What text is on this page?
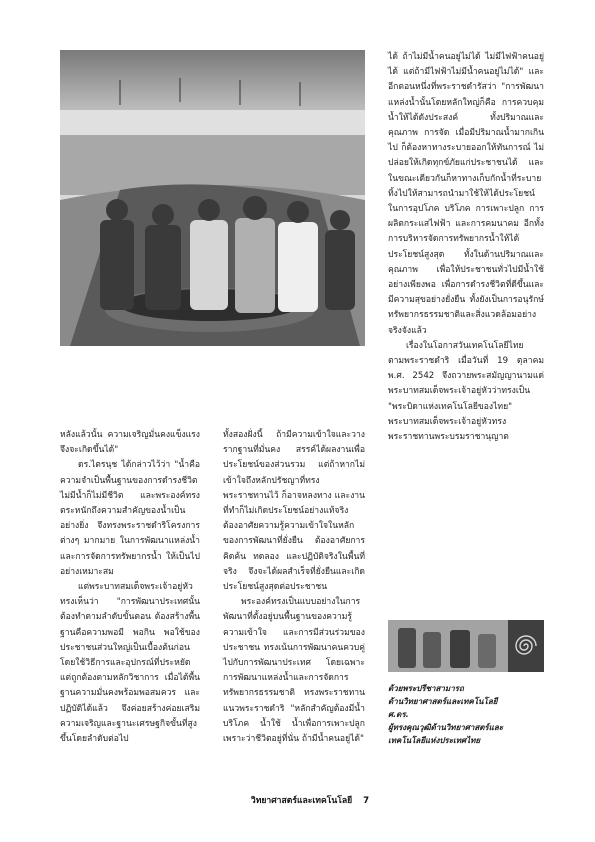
ได้ ถ้าไม่มีน้ำคนอยู่ไม่ได้ ไม่มีไฟฟ้าคนอยู่ได้ แต่ถ้ามีไฟฟ้าไม่มีน้ำคนอยู่ไม่ได้" และอีกตอนหนึ่งที่พระราชดำรัสว่า "การพัฒนาแหล่งน้ำนั้นโดยหลักใหญ่ก็คือ การควบคุมน้ำให้ได้ดังประสงค์ ทั้งปริมาณและคุณภาพ การจัด เมื่อมีปริมาณน้ำมากเกินไป ก็ต้องหาทางระบายออกให้ทันการณ์ ไม่ปล่อยให้เกิดทุกข์ภัยแก่ประชาชนได้ และในขณะเดียวกันก็หาทางเก็บกักน้ำที่ระบายทิ้งไปให้สามารถนำมาใช้ให้ได้ประโยชน์ในการอุปโภค บริโภค การเพาะปลูก การผลิตกระแสไฟฟ้า และการคมนาคม อีกทั้งการบริหารจัดการทรัพยากรน้ำให้ได้ประโยชน์สูงสุด ทั้งในด้านปริมาณและคุณภาพ เพื่อให้ประชาชนทั่วไปมีน้ำใช้อย่างเพียงพอ เพื่อการดำรงชีวิตที่ดีขึ้นและมีความสุขอย่างยั่งยืน ทั้งยังเป็นการอนุรักษ์ทรัพยากรธรรมชาติและสิ่งแวดล้อมอย่างจริงจังแล้ว

เรื่องในโอกาสวันเทคโนโลยีไทยตามพระราชดำริ เมื่อวันที่ 19 ตุลาคม พ.ศ. 2542 จึงถวายพระสมัญญานามแด่พระบาทสมเด็จพระเจ้าอยู่หัวว่าทรงเป็น "พระบิดาแห่งเทคโนโลยีของไทย" พระบาทสมเด็จพระเจ้าอยู่หัวทรงพระราชทานพระบรมราชานุญาต

หลังแล้วนั้น ความเจริญมั่นคงแข็งแรงจึงจะเกิดขึ้นได้"

ดร.ไตรนุช ได้กล่าวไว้ว่า "น้ำคือความจำเป็นพื้นฐานของการดำรงชีวิต ไม่มีน้ำก็ไม่มีชีวิต และพระองค์ทรงตระหนักถึงความสำคัญของน้ำเป็นอย่างยิ่ง จึงทรงพระราชดำริโครงการต่างๆ มากมาย ในการพัฒนาแหล่งน้ำ และการจัดการทรัพยากรน้ำ ให้เป็นไปอย่างเหมาะสม

แต่พระบาทสมเด็จพระเจ้าอยู่หัวทรงเห็นว่า "การพัฒนาประเทศนั้น ต้องทำตามลำดับขั้นตอน ต้องสร้างพื้นฐานคือความพอมี พอกิน พอใช้ของประชาชนส่วนใหญ่เป็นเบื้องต้นก่อน โดยใช้วิธีการและอุปกรณ์ที่ประหยัดแต่ถูกต้องตามหลักวิชาการ เมื่อได้พื้นฐานความมั่นคงพร้อมพอสมควร และปฏิบัติได้แล้ว จึงค่อยสร้างค่อยเสริมความเจริญและฐานะเศรษฐกิจขั้นที่สูงขึ้นโดยลำดับต่อไป

ทั้งสองฝั่งนี้ ถ้ามีความเข้าใจและวางรากฐานที่มั่นคง สรรค์ได้ผลงานเพื่อประโยชน์ของส่วนรวม แต่ถ้าหากไม่เข้าใจถึงหลักปรัชญาที่ทรงพระราชทานไว้ ก็อาจหลงทาง และงานที่ทำก็ไม่เกิดประโยชน์อย่างแท้จริง ต้องอาศัยความรู้ความเข้าใจในหลักของการพัฒนาที่ยั่งยืน ต้องอาศัยการคิดค้น ทดลอง และปฏิบัติจริงในพื้นที่จริง จึงจะได้ผลสำเร็จที่ยั่งยืนและเกิดประโยชน์สูงสุดต่อประชาชน

พระองค์ทรงเป็นแบบอย่างในการพัฒนาที่ตั้งอยู่บนพื้นฐานของความรู้ ความเข้าใจ และการมีส่วนร่วมของประชาชน ทรงเน้นการพัฒนาคนควบคู่ไปกับการพัฒนาประเทศ โดยเฉพาะการพัฒนาแหล่งน้ำและการจัดการทรัพยากรธรรมชาติ ทรงพระราชทานแนวพระราชดำริ "หลักสำคัญต้องมีน้ำบริโภค น้ำใช้ น้ำเพื่อการเพาะปลูก เพราะว่าชีวิตอยู่ที่นั่น ถ้ามีน้ำคนอยู่ได้"

ด้วยพระปรีชาสามารถ
ด้านวิทยาศาสตร์และเทคโนโลยี
ศ.ดร.
ผู้ทรงคุณวุฒิด้านวิทยาศาสตร์และ
เทคโนโลยีแห่งประเทศไทย
วิทยาศาสตร์และเทคโนโลยี 7
